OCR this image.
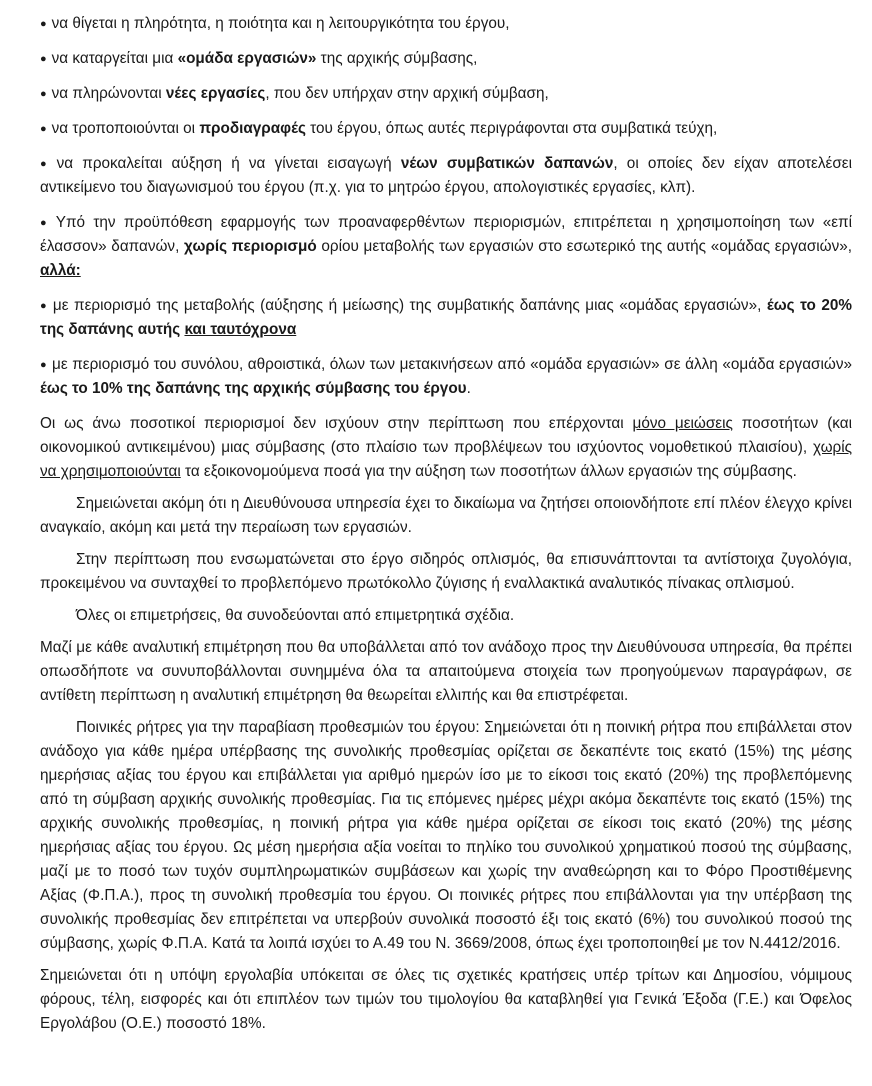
● να θίγεται η πληρότητα, η ποιότητα και η λειτουργικότητα του έργου,

● να καταργείται μια «ομάδα εργασιών» της αρχικής σύμβασης,

● να πληρώνονται νέες εργασίες, που δεν υπήρχαν στην αρχική σύμβαση,

● να τροποποιούνται οι προδιαγραφές του έργου, όπως αυτές περιγράφονται στα συμβατικά τεύχη,

● να προκαλείται αύξηση ή να γίνεται εισαγωγή νέων συμβατικών δαπανών, οι οποίες δεν είχαν αποτελέσει αντικείμενο του διαγωνισμού του έργου (π.χ. για το μητρώο έργου, απολογιστικές εργασίες, κλπ).

● Υπό την προϋπόθεση εφαρμογής των προαναφερθέντων περιορισμών, επιτρέπεται η χρησιμοποίηση των «επί έλασσον» δαπανών, χωρίς περιορισμό ορίου μεταβολής των εργασιών στο εσωτερικό της αυτής «ομάδας εργασιών», αλλά:

● με περιορισμό της μεταβολής (αύξησης ή μείωσης) της συμβατικής δαπάνης μιας «ομάδας εργασιών», έως το 20% της δαπάνης αυτής και ταυτόχρονα

● με περιορισμό του συνόλου, αθροιστικά, όλων των μετακινήσεων από «ομάδα εργασιών» σε άλλη «ομάδα εργασιών» έως το 10% της δαπάνης της αρχικής σύμβασης του έργου.

Οι ως άνω ποσοτικοί περιορισμοί δεν ισχύουν στην περίπτωση που επέρχονται μόνο μειώσεις ποσοτήτων (και οικονομικού αντικειμένου) μιας σύμβασης (στο πλαίσιο των προβλέψεων του ισχύοντος νομοθετικού πλαισίου), χωρίς να χρησιμοποιούνται τα εξοικονομούμενα ποσά για την αύξηση των ποσοτήτων άλλων εργασιών της σύμβασης.

Σημειώνεται ακόμη ότι η Διευθύνουσα υπηρεσία έχει το δικαίωμα να ζητήσει οποιονδήποτε επί πλέον έλεγχο κρίνει αναγκαίο, ακόμη και μετά την περαίωση των εργασιών.

Στην περίπτωση που ενσωματώνεται στο έργο σιδηρός οπλισμός, θα επισυνάπτονται τα αντίστοιχα ζυγολόγια, προκειμένου να συνταχθεί το προβλεπόμενο πρωτόκολλο ζύγισης ή εναλλακτικά αναλυτικός πίνακας οπλισμού.

Όλες οι επιμετρήσεις, θα συνοδεύονται από επιμετρητικά σχέδια.

Μαζί με κάθε αναλυτική επιμέτρηση που θα υποβάλλεται από τον ανάδοχο προς την Διευθύνουσα υπηρεσία, θα πρέπει οπωσδήποτε να συνυποβάλλονται συνημμένα όλα τα απαιτούμενα στοιχεία των προηγούμενων παραγράφων, σε αντίθετη περίπτωση η αναλυτική επιμέτρηση θα θεωρείται ελλιπής και θα επιστρέφεται.

Ποινικές ρήτρες για την παραβίαση προθεσμιών του έργου: Σημειώνεται ότι η ποινική ρήτρα που επιβάλλεται στον ανάδοχο για κάθε ημέρα υπέρβασης της συνολικής προθεσμίας ορίζεται σε δεκαπέντε τοις εκατό (15%) της μέσης ημερήσιας αξίας του έργου και επιβάλλεται για αριθμό ημερών ίσο με το είκοσι τοις εκατό (20%) της προβλεπόμενης από τη σύμβαση αρχικής συνολικής προθεσμίας. Για τις επόμενες ημέρες μέχρι ακόμα δεκαπέντε τοις εκατό (15%) της αρχικής συνολικής προθεσμίας, η ποινική ρήτρα για κάθε ημέρα ορίζεται σε είκοσι τοις εκατό (20%) της μέσης ημερήσιας αξίας του έργου. Ως μέση ημερήσια αξία νοείται το πηλίκο του συνολικού χρηματικού ποσού της σύμβασης, μαζί με το ποσό των τυχόν συμπληρωματικών συμβάσεων και χωρίς την αναθεώρηση και το Φόρο Προστιθέμενης Αξίας (Φ.Π.Α.), προς τη συνολική προθεσμία του έργου. Οι ποινικές ρήτρες που επιβάλλονται για την υπέρβαση της συνολικής προθεσμίας δεν επιτρέπεται να υπερβούν συνολικά ποσοστό έξι τοις εκατό (6%) του συνολικού ποσού της σύμβασης, χωρίς Φ.Π.Α. Κατά τα λοιπά ισχύει το Α.49 του Ν. 3669/2008, όπως έχει τροποποιηθεί με τον Ν.4412/2016.

Σημειώνεται ότι η υπόψη εργολαβία υπόκειται σε όλες τις σχετικές κρατήσεις υπέρ τρίτων και Δημοσίου, νόμιμους φόρους, τέλη, εισφορές και ότι επιπλέον των τιμών του τιμολογίου θα καταβληθεί για Γενικά Έξοδα (Γ.Ε.) και Όφελος Εργολάβου (Ο.Ε.) ποσοστό 18%.
